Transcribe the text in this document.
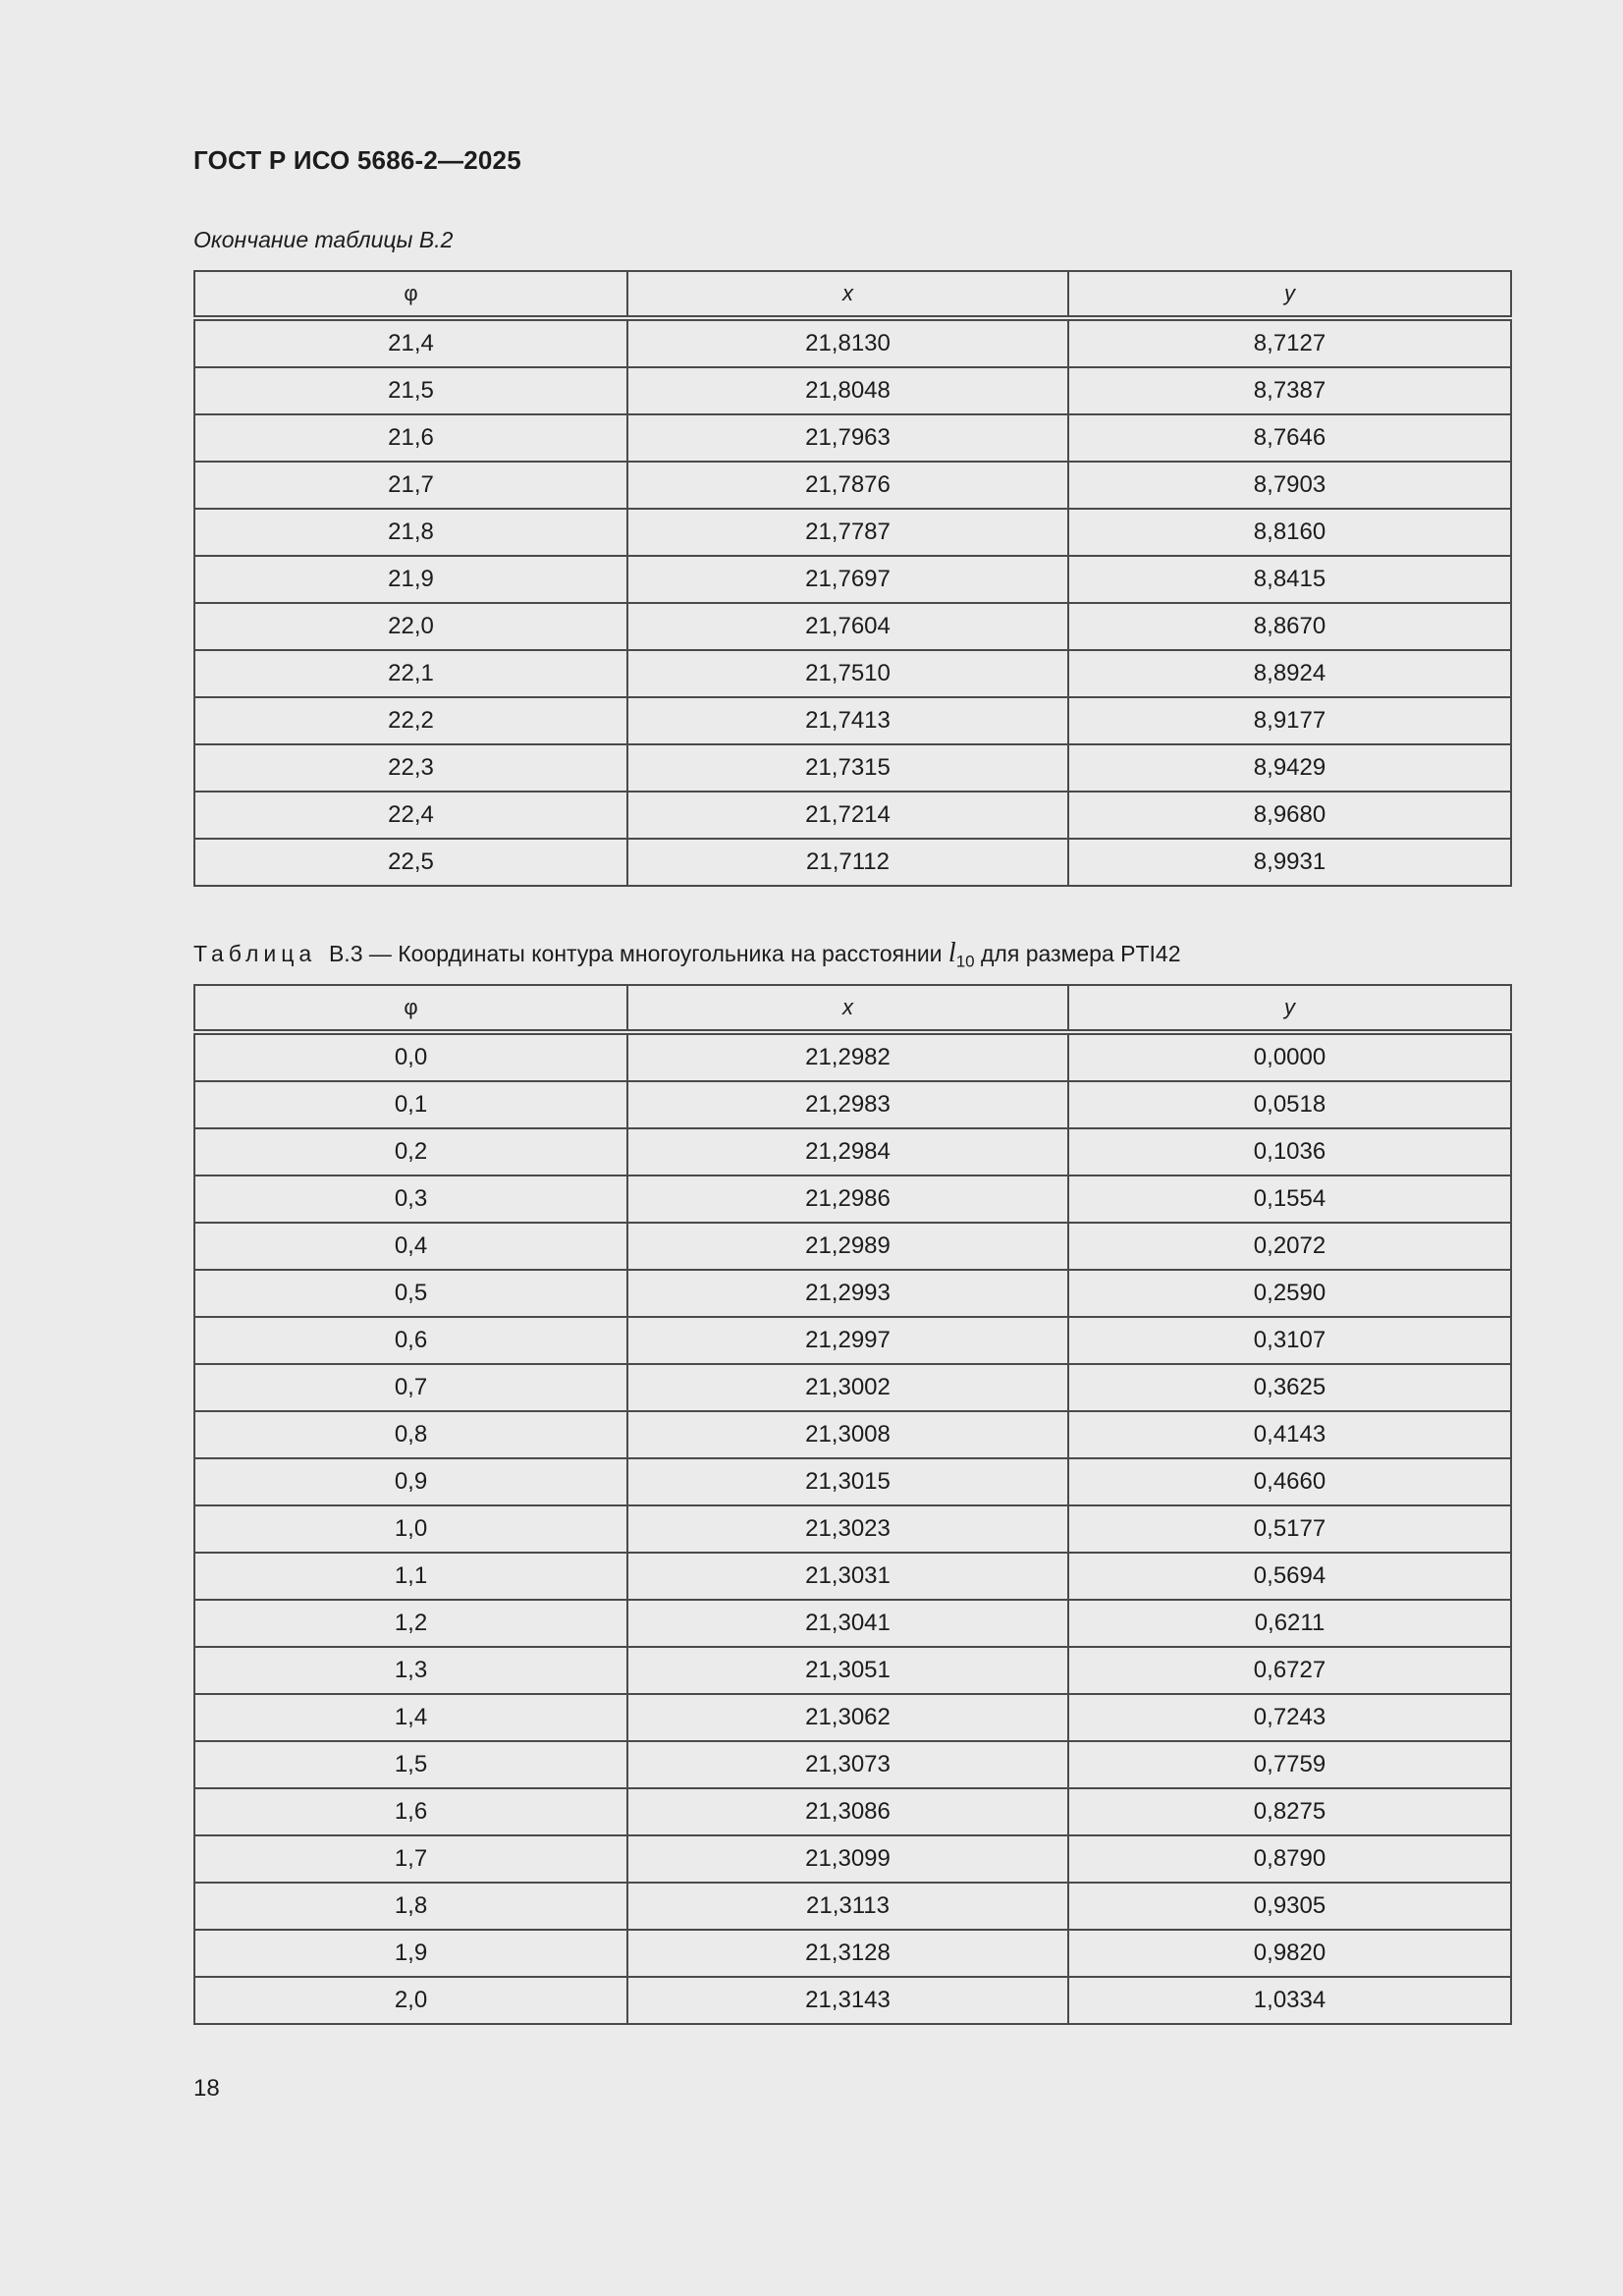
ГОСТ Р ИСО 5686-2—2025
Окончание таблицы В.2
φ	x	y
21,4	21,8130	8,7127
21,5	21,8048	8,7387
21,6	21,7963	8,7646
21,7	21,7876	8,7903
21,8	21,7787	8,8160
21,9	21,7697	8,8415
22,0	21,7604	8,8670
22,1	21,7510	8,8924
22,2	21,7413	8,9177
22,3	21,7315	8,9429
22,4	21,7214	8,9680
22,5	21,7112	8,9931
Таблица В.3 — Координаты контура многоугольника на расстоянии $l_{10}$ для размера PTI42
φ	x	y
0,0	21,2982	0,0000
0,1	21,2983	0,0518
0,2	21,2984	0,1036
0,3	21,2986	0,1554
0,4	21,2989	0,2072
0,5	21,2993	0,2590
0,6	21,2997	0,3107
0,7	21,3002	0,3625
0,8	21,3008	0,4143
0,9	21,3015	0,4660
1,0	21,3023	0,5177
1,1	21,3031	0,5694
1,2	21,3041	0,6211
1,3	21,3051	0,6727
1,4	21,3062	0,7243
1,5	21,3073	0,7759
1,6	21,3086	0,8275
1,7	21,3099	0,8790
1,8	21,3113	0,9305
1,9	21,3128	0,9820
2,0	21,3143	1,0334
18
